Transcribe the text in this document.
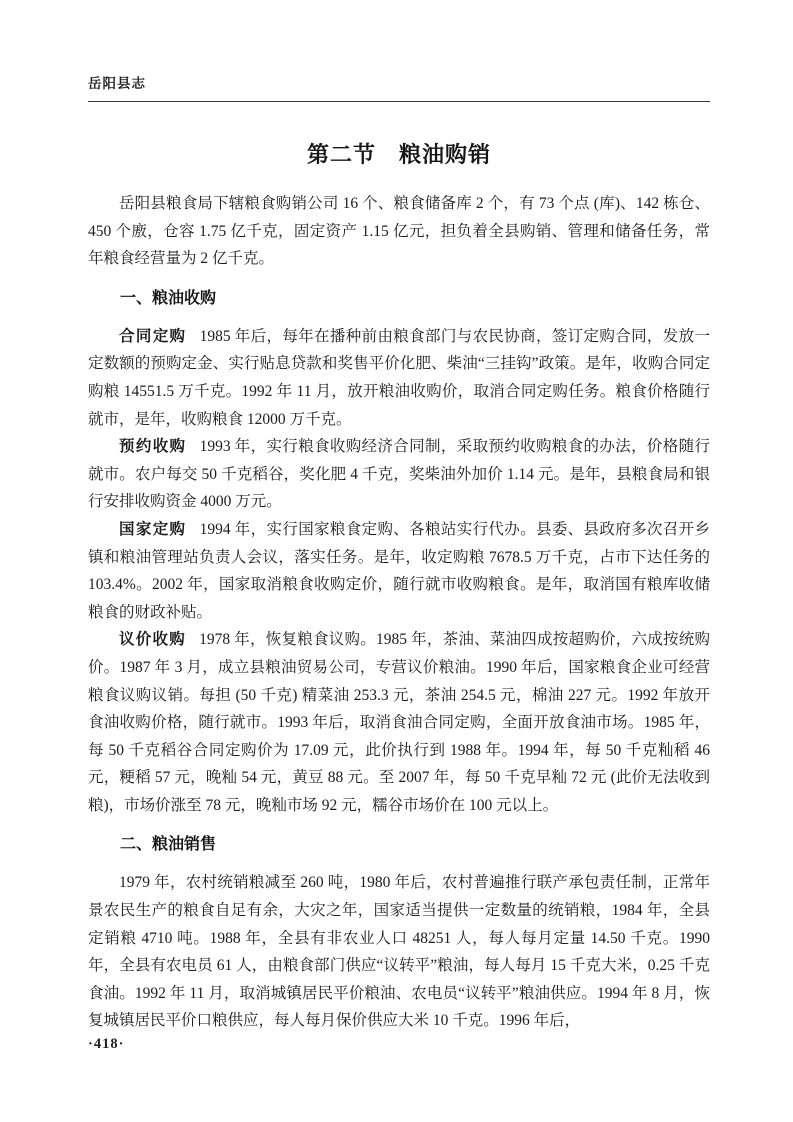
岳阳县志
第二节　粮油购销

岳阳县粮食局下辖粮食购销公司 16 个、粮食储备库 2 个，有 73 个点 (库)、142 栋仓、450 个廒，仓容 1.75 亿千克，固定资产 1.15 亿元，担负着全县购销、管理和储备任务，常年粮食经营量为 2 亿千克。

一、粮油收购

合同定购 1985 年后，每年在播种前由粮食部门与农民协商，签订定购合同，发放一定数额的预购定金、实行贴息贷款和奖售平价化肥、柴油“三挂钩”政策。是年，收购合同定购粮 14551.5 万千克。1992 年 11 月，放开粮油收购价，取消合同定购任务。粮食价格随行就市，是年，收购粮食 12000 万千克。

预约收购 1993 年，实行粮食收购经济合同制，采取预约收购粮食的办法，价格随行就市。农户每交 50 千克稻谷，奖化肥 4 千克，奖柴油外加价 1.14 元。是年，县粮食局和银行安排收购资金 4000 万元。

国家定购 1994 年，实行国家粮食定购、各粮站实行代办。县委、县政府多次召开乡镇和粮油管理站负责人会议，落实任务。是年，收定购粮 7678.5 万千克，占市下达任务的 103.4%。2002 年，国家取消粮食收购定价，随行就市收购粮食。是年，取消国有粮库收储粮食的财政补贴。

议价收购 1978 年，恢复粮食议购。1985 年，茶油、菜油四成按超购价，六成按统购价。1987 年 3 月，成立县粮油贸易公司，专营议价粮油。1990 年后，国家粮食企业可经营粮食议购议销。每担 (50 千克) 精菜油 253.3 元，茶油 254.5 元，棉油 227 元。1992 年放开食油收购价格，随行就市。1993 年后，取消食油合同定购，全面开放食油市场。1985 年，每 50 千克稻谷合同定购价为 17.09 元，此价执行到 1988 年。1994 年，每 50 千克籼稻 46 元，粳稻 57 元，晚籼 54 元，黄豆 88 元。至 2007 年，每 50 千克早籼 72 元 (此价无法收到粮)，市场价涨至 78 元，晚籼市场 92 元，糯谷市场价在 100 元以上。

二、粮油销售

1979 年，农村统销粮减至 260 吨，1980 年后，农村普遍推行联产承包责任制，正常年景农民生产的粮食自足有余，大灾之年，国家适当提供一定数量的统销粮，1984 年，全县定销粮 4710 吨。1988 年，全县有非农业人口 48251 人，每人每月定量 14.50 千克。1990 年，全县有农电员 61 人，由粮食部门供应“议转平”粮油，每人每月 15 千克大米，0.25 千克食油。1992 年 11 月，取消城镇居民平价粮油、农电员“议转平”粮油供应。1994 年 8 月，恢复城镇居民平价口粮供应，每人每月保价供应大米 10 千克。1996 年后，

·418·
